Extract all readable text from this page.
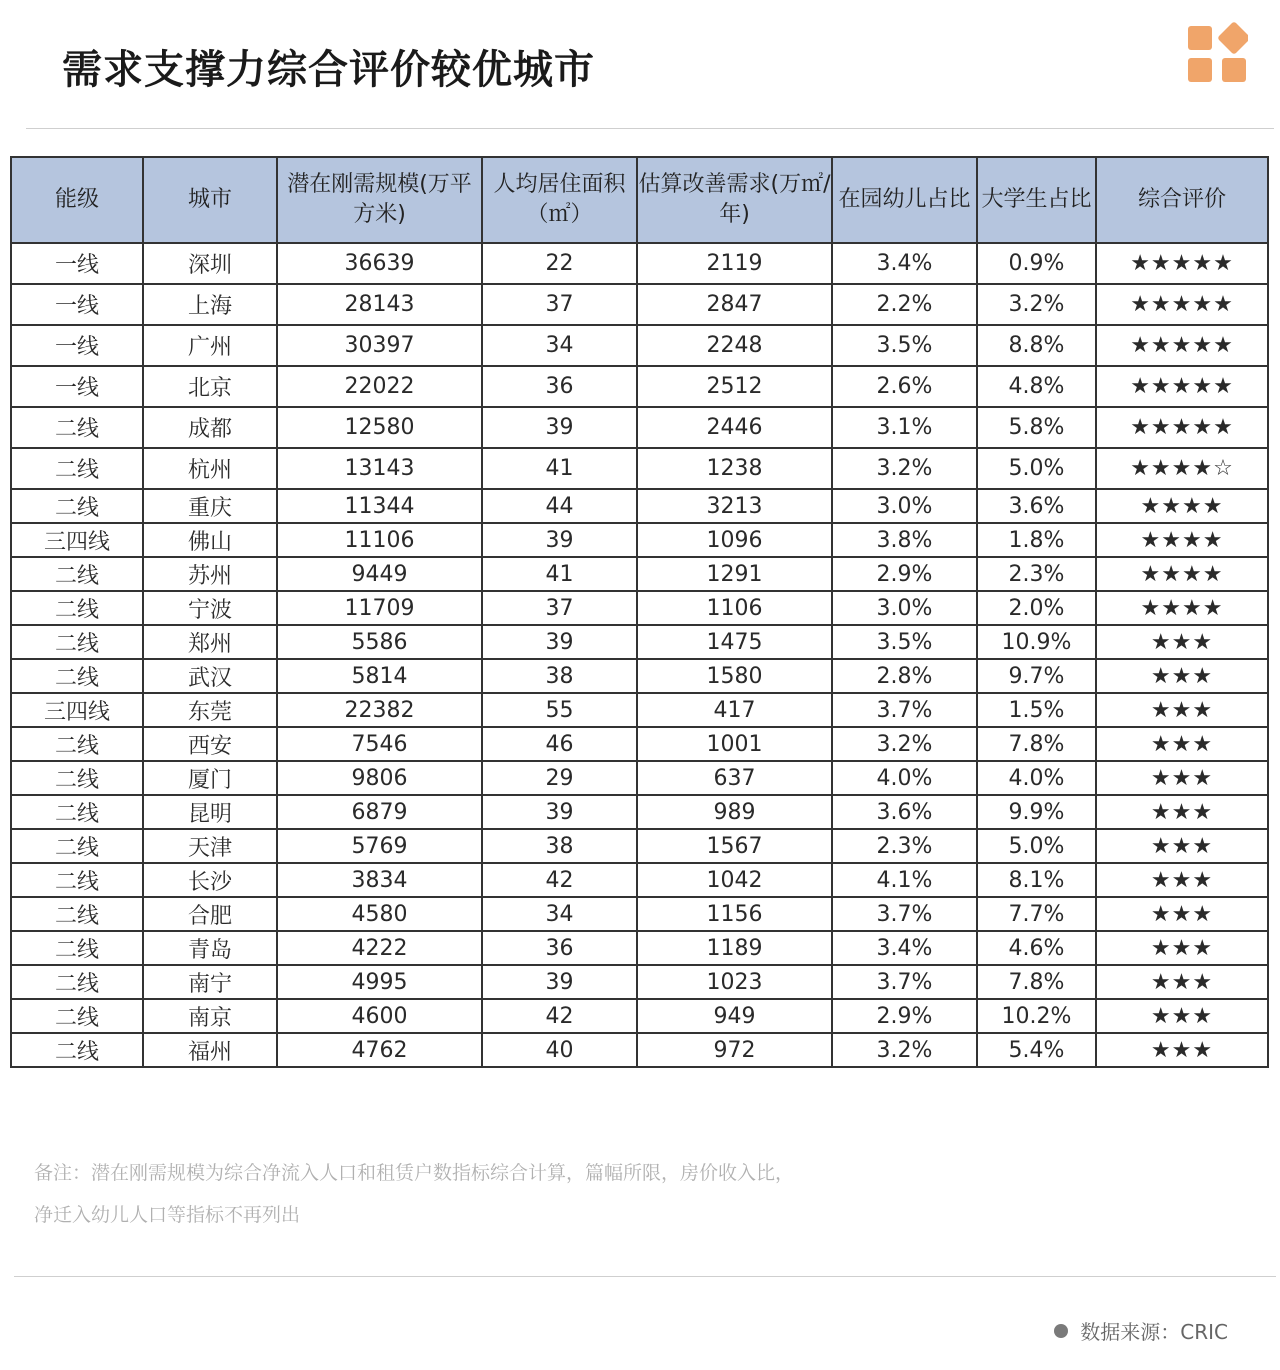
需求支撑力综合评价较优城市
能级	城市	潜在刚需规模(万平方米)	人均居住面积（㎡）	估算改善需求(万㎡/年)	在园幼儿占比	大学生占比	综合评价
一线	深圳	36639	22	2119	3.4%	0.9%	★★★★★
一线	上海	28143	37	2847	2.2%	3.2%	★★★★★
一线	广州	30397	34	2248	3.5%	8.8%	★★★★★
一线	北京	22022	36	2512	2.6%	4.8%	★★★★★
二线	成都	12580	39	2446	3.1%	5.8%	★★★★★
二线	杭州	13143	41	1238	3.2%	5.0%	★★★★☆
二线	重庆	11344	44	3213	3.0%	3.6%	★★★★
三四线	佛山	11106	39	1096	3.8%	1.8%	★★★★
二线	苏州	9449	41	1291	2.9%	2.3%	★★★★
二线	宁波	11709	37	1106	3.0%	2.0%	★★★★
二线	郑州	5586	39	1475	3.5%	10.9%	★★★
二线	武汉	5814	38	1580	2.8%	9.7%	★★★
三四线	东莞	22382	55	417	3.7%	1.5%	★★★
二线	西安	7546	46	1001	3.2%	7.8%	★★★
二线	厦门	9806	29	637	4.0%	4.0%	★★★
二线	昆明	6879	39	989	3.6%	9.9%	★★★
二线	天津	5769	38	1567	2.3%	5.0%	★★★
二线	长沙	3834	42	1042	4.1%	8.1%	★★★
二线	合肥	4580	34	1156	3.7%	7.7%	★★★
二线	青岛	4222	36	1189	3.4%	4.6%	★★★
二线	南宁	4995	39	1023	3.7%	7.8%	★★★
二线	南京	4600	42	949	2.9%	10.2%	★★★
二线	福州	4762	40	972	3.2%	5.4%	★★★
备注：潜在刚需规模为综合净流入人口和租赁户数指标综合计算，篇幅所限，房价收入比，
净迁入幼儿人口等指标不再列出
数据来源：CRIC
